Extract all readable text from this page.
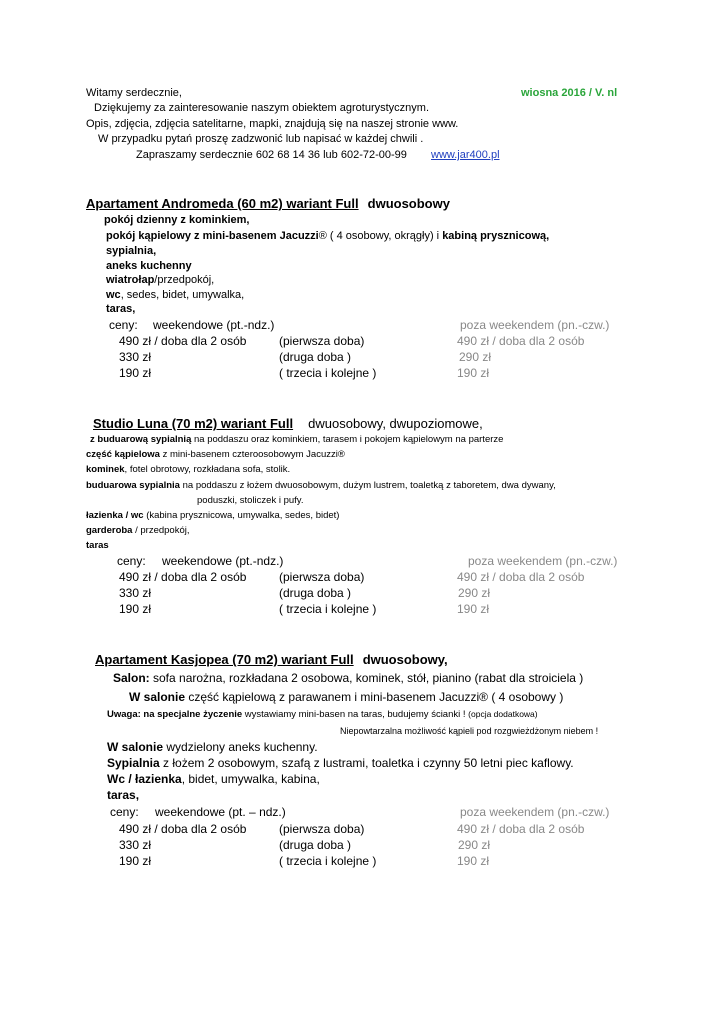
Witamy serdecznie,	wiosna 2016 / V. nl
Dziękujemy za zainteresowanie naszym obiektem agroturystycznym.
Opis, zdjęcia, zdjęcia satelitarne, mapki, znajdują się na naszej stronie www.
W przypadku pytań proszę zadzwonić lub napisać w każdej chwili .
Zapraszamy serdecznie 602 68 14 36 lub 602-72-00-99 www.jar400.pl
Apartament Andromeda (60 m2) wariant Full dwuosobowy
pokój dzienny z kominkiem,
pokój kąpielowy z mini-basenem Jacuzzi® ( 4 osobowy, okrągły) i kabiną prysznicową,
sypialnia,
aneks kuchenny
wiatrołap/przedpokój,
wc, sedes, bidet, umywalka,
taras,
ceny: weekendowe (pt.-ndz.)	poza weekendem (pn.-czw.)
490 zł / doba dla 2 osób	(pierwsza doba)	490 zł / doba dla 2 osób
330 zł	(druga doba )	290 zł
190 zł	( trzecia i kolejne )	190 zł
Studio Luna (70 m2) wariant Full dwuosobowy, dwupoziomowe,
z buduarową sypialnią na poddaszu oraz kominkiem, tarasem i pokojem kąpielowym na parterze
część kąpielowa z mini-basenem czteroosobowym Jacuzzi®
kominek, fotel obrotowy, rozkładana sofa, stolik.
buduarowa sypialnia na poddaszu z łożem dwuosobowym, dużym lustrem, toaletką z taboretem, dwa dywany,
poduszki, stoliczek i pufy.
łazienka / wc (kabina prysznicowa, umywalka, sedes, bidet)
garderoba / przedpokój,
taras
ceny: weekendowe (pt.-ndz.)	poza weekendem (pn.-czw.)
490 zł / doba dla 2 osób	(pierwsza doba)	490 zł / doba dla 2 osób
330 zł	(druga doba )	290 zł
190 zł	( trzecia i kolejne )	190 zł
Apartament Kasjopea (70 m2) wariant Full dwuosobowy,
Salon: sofa narożna, rozkładana 2 osobowa, kominek, stół, pianino (rabat dla stroiciela )
W salonie część kąpielową z parawanem i mini-basenem Jacuzzi® ( 4 osobowy )
Uwaga: na specjalne życzenie wystawiamy mini-basen na taras, budujemy ścianki ! (opcja dodatkowa)
Niepowtarzalna możliwość kąpieli pod rozgwieżdżonym niebem !
W salonie wydzielony aneks kuchenny.
Sypialnia z łożem 2 osobowym, szafą z lustrami, toaletka i czynny 50 letni piec kaflowy.
Wc / łazienka, bidet, umywalka, kabina,
taras,
ceny: weekendowe (pt. – ndz.)	poza weekendem (pn.-czw.)
490 zł / doba dla 2 osób	(pierwsza doba)	490 zł / doba dla 2 osób
330 zł	(druga doba )	290 zł
190 zł	( trzecia i kolejne )	190 zł
